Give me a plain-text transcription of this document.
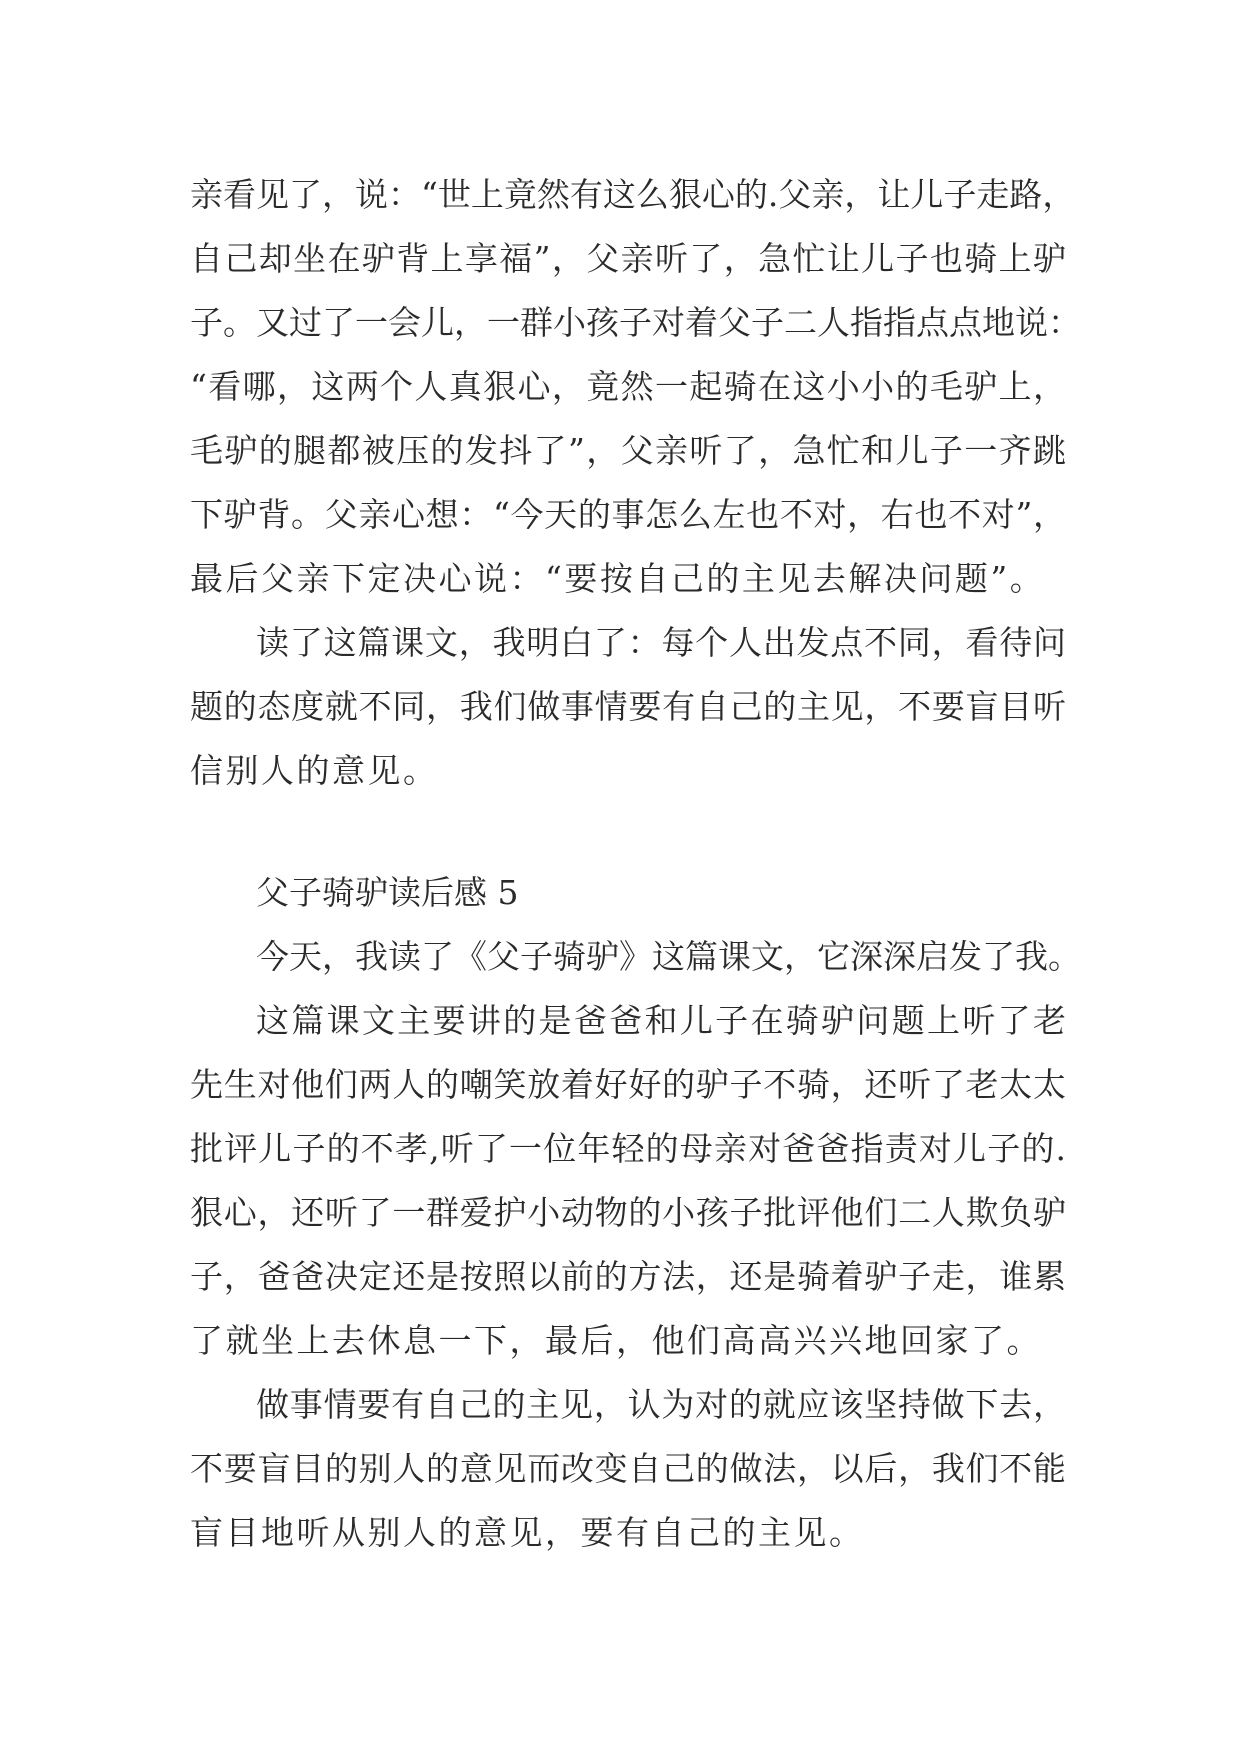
亲看见了，说：“世上竟然有这么狠心的.父亲，让儿子走路，
自己却坐在驴背上享福”，父亲听了，急忙让儿子也骑上驴
子。又过了一会儿，一群小孩子对着父子二人指指点点地说：
“看哪，这两个人真狠心，竟然一起骑在这小小的毛驴上，
毛驴的腿都被压的发抖了”，父亲听了，急忙和儿子一齐跳
下驴背。父亲心想：“今天的事怎么左也不对，右也不对”，
最后父亲下定决心说：“要按自己的主见去解决问题”。
读了这篇课文，我明白了：每个人出发点不同，看待问
题的态度就不同，我们做事情要有自己的主见，不要盲目听
信别人的意见。
父子骑驴读后感 5
今天，我读了《父子骑驴》这篇课文，它深深启发了我。
这篇课文主要讲的是爸爸和儿子在骑驴问题上听了老
先生对他们两人的嘲笑放着好好的驴子不骑，还听了老太太
批评儿子的不孝,听了一位年轻的母亲对爸爸指责对儿子的.
狠心，还听了一群爱护小动物的小孩子批评他们二人欺负驴
子，爸爸决定还是按照以前的方法，还是骑着驴子走，谁累
了就坐上去休息一下，最后，他们高高兴兴地回家了。
做事情要有自己的主见，认为对的就应该坚持做下去，
不要盲目的别人的意见而改变自己的做法，以后，我们不能
盲目地听从别人的意见，要有自己的主见。
